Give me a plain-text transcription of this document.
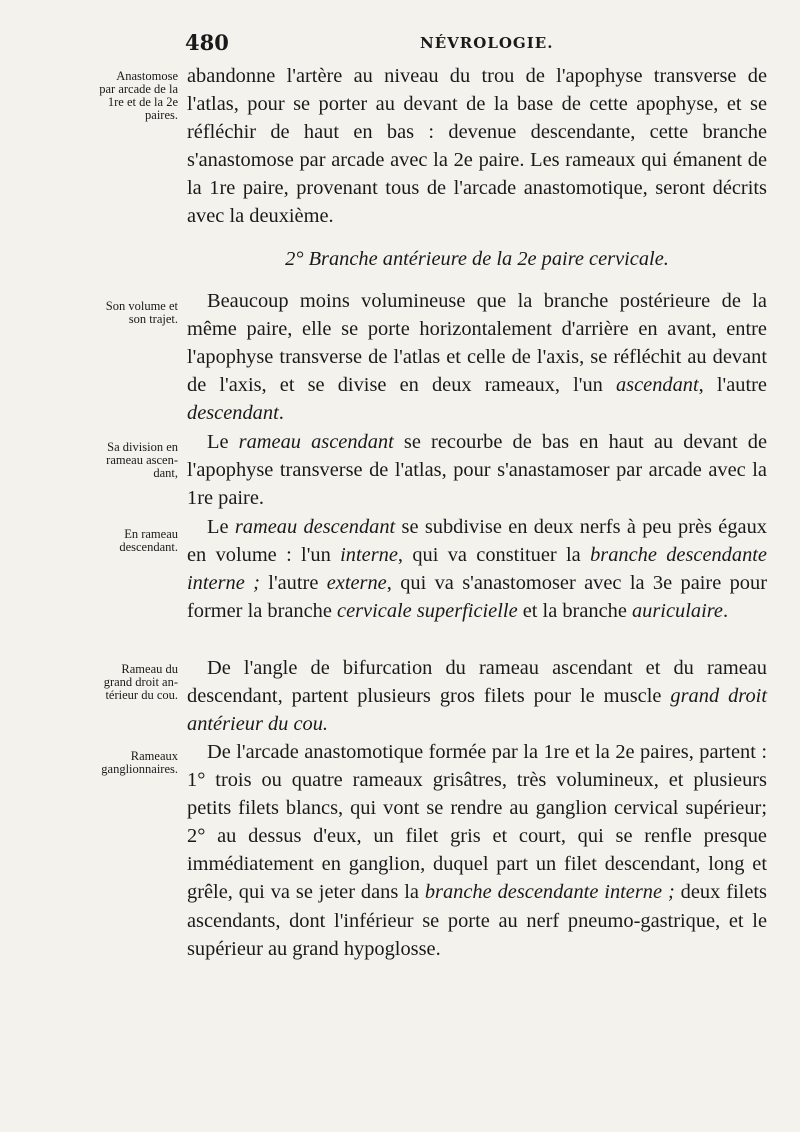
480	NÉVROLOGIE.
Anastomose
par arcade de la
1re et de la 2e
paires.
Son volume et
son trajet.
Sa division en
rameau ascen-
dant,
En rameau
descendant.
Rameau du
grand droit an-
térieur du cou.
Rameaux
ganglionnaires.

abandonne l'artère au niveau du trou de l'apophyse transverse de l'atlas, pour se porter au devant de la base de cette apophyse, et se réfléchir de haut en bas : devenue descendante, cette branche s'anastomose par arcade avec la 2e paire. Les rameaux qui émanent de la 1re paire, provenant tous de l'arcade anastomotique, seront décrits avec la deuxième.

2° Branche antérieure de la 2e paire cervicale.

Beaucoup moins volumineuse que la branche postérieure de la même paire, elle se porte horizontalement d'arrière en avant, entre l'apophyse transverse de l'atlas et celle de l'axis, se réfléchit au devant de l'axis, et se divise en deux rameaux, l'un ascendant, l'autre descendant.

Le rameau ascendant se recourbe de bas en haut au devant de l'apophyse transverse de l'atlas, pour s'anastamoser par arcade avec la 1re paire.

Le rameau descendant se subdivise en deux nerfs à peu près égaux en volume : l'un interne, qui va constituer la branche descendante interne ; l'autre externe, qui va s'anastomoser avec la 3e paire pour former la branche cervicale superficielle et la branche auriculaire.

De l'angle de bifurcation du rameau ascendant et du rameau descendant, partent plusieurs gros filets pour le muscle grand droit antérieur du cou.

De l'arcade anastomotique formée par la 1re et la 2e paires, partent : 1° trois ou quatre rameaux grisâtres, très volumineux, et plusieurs petits filets blancs, qui vont se rendre au ganglion cervical supérieur; 2° au dessus d'eux, un filet gris et court, qui se renfle presque immédiatement en ganglion, duquel part un filet descendant, long et grêle, qui va se jeter dans la branche descendante interne ; deux filets ascendants, dont l'inférieur se porte au nerf pneumo-gastrique, et le supérieur au grand hypoglosse.
